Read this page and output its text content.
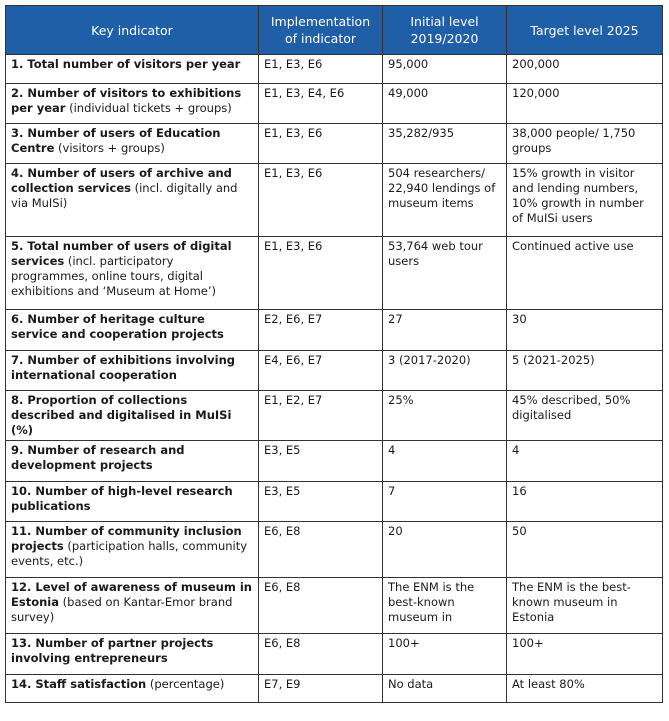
Key indicator	Implementation of indicator	Initial level 2019/2020	Target level 2025
1. Total number of visitors per year	E1, E3, E6	95,000	200,000
2. Number of visitors to exhibitions per year (individual tickets + groups)	E1, E3, E4, E6	49,000	120,000
3. Number of users of Education Centre (visitors + groups)	E1, E3, E6	35,282/935	38,000 people/ 1,750 groups
4. Number of users of archive and collection services (incl. digitally and via MuISi)	E1, E3, E6	504 researchers/ 22,940 lendings of museum items	15% growth in visitor and lending numbers, 10% growth in number of MuISi users
5. Total number of users of digital services (incl. participatory programmes, online tours, digital exhibitions and ‘Museum at Home’)	E1, E3, E6	53,764 web tour users	Continued active use
6. Number of heritage culture service and cooperation projects	E2, E6, E7	27	30
7. Number of exhibitions involving international cooperation	E4, E6, E7	3 (2017-2020)	5 (2021-2025)
8. Proportion of collections described and digitalised in MuISi (%)	E1, E2, E7	25%	45% described, 50% digitalised
9. Number of research and development projects	E3, E5	4	4
10. Number of high-level research publications	E3, E5	7	16
11. Number of community inclusion projects (participation halls, community events, etc.)	E6, E8	20	50
12. Level of awareness of museum in Estonia (based on Kantar-Emor brand survey)	E6, E8	The ENM is the best-known museum in	The ENM is the best-known museum in Estonia
13. Number of partner projects involving entrepreneurs	E6, E8	100+	100+
14. Staff satisfaction (percentage)	E7, E9	No data	At least 80%
